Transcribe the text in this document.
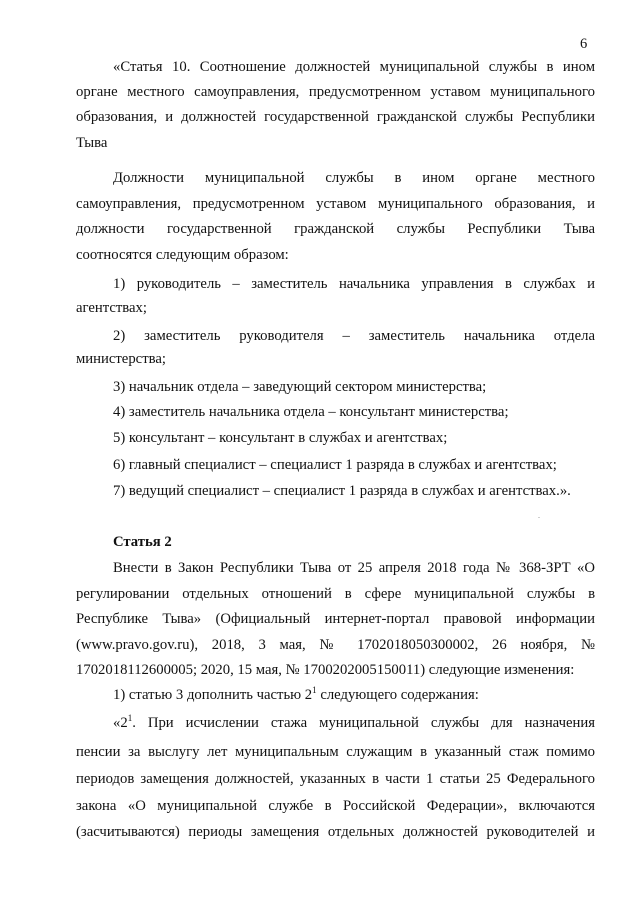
6
«Статья 10. Соотношение должностей муниципальной службы в ином
органе местного самоуправления, предусмотренном уставом муниципального
образования, и должностей государственной гражданской службы Республики
Тыва
Должности муниципальной службы в ином органе местного
самоуправления, предусмотренном уставом муниципального образования, и
должности государственной гражданской службы Республики Тыва
соотносятся следующим образом:
1) руководитель – заместитель начальника управления в службах и
агентствах;
2) заместитель руководителя – заместитель начальника отдела
министерства;
3) начальник отдела – заведующий сектором министерства;
4) заместитель начальника отдела – консультант министерства;
5) консультант – консультант в службах и агентствах;
6) главный специалист – специалист 1 разряда в службах и агентствах;
7) ведущий специалист – специалист 1 разряда в службах и агентствах.».
Статья 2
Внести в Закон Республики Тыва от 25 апреля 2018 года № 368-ЗРТ «О
регулировании отдельных отношений в сфере муниципальной службы в
Республике Тыва» (Официальный интернет-портал правовой информации
(www.pravo.gov.ru), 2018, 3 мая, № 1702018050300002, 26 ноября, №
1702018112600005; 2020, 15 мая, № 1700202005150011) следующие изменения:
1) статью 3 дополнить частью $2^1$ следующего содержания:
«$2^1$. При исчислении стажа муниципальной службы для назначения
пенсии за выслугу лет муниципальным служащим в указанный стаж помимо
периодов замещения должностей, указанных в части 1 статьи 25 Федерального
закона «О муниципальной службе в Российской Федерации», включаются
(засчитываются) периоды замещения отдельных должностей руководителей и
